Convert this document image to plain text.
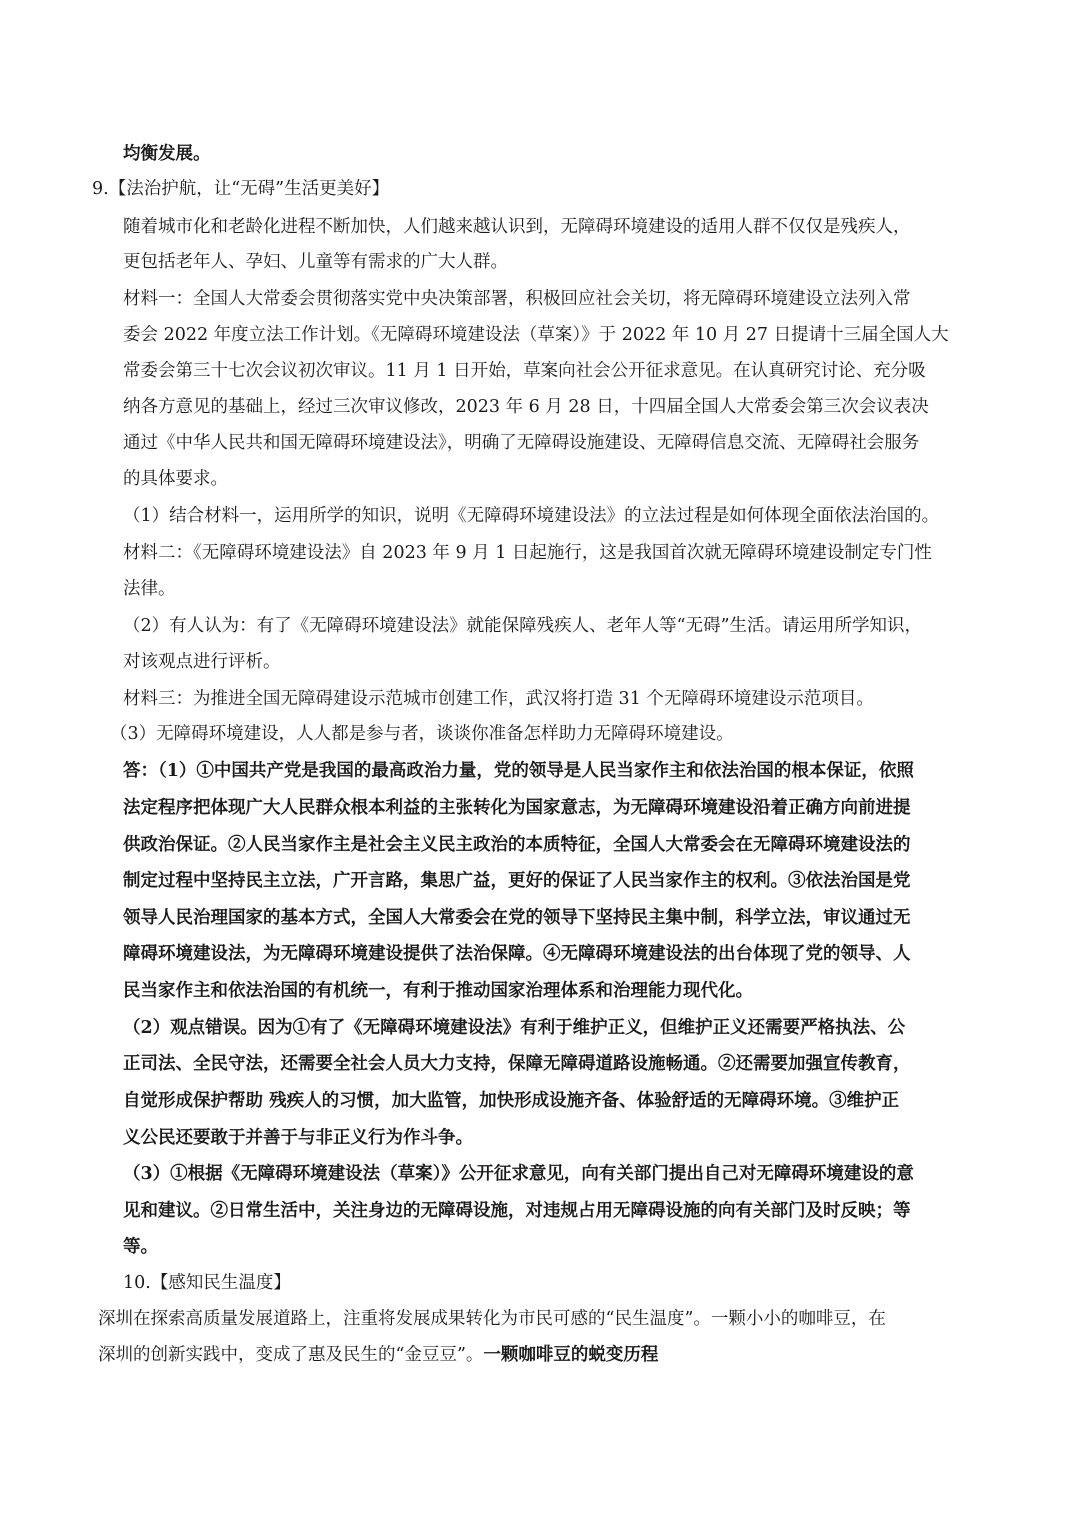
均衡发展。
9.【法治护航，让“无碍”生活更美好】
随着城市化和老龄化进程不断加快，人们越来越认识到，无障碍环境建设的适用人群不仅仅是残疾人，
更包括老年人、孕妇、儿童等有需求的广大人群。
材料一：全国人大常委会贯彻落实党中央决策部署，积极回应社会关切，将无障碍环境建设立法列入常
委会 2022 年度立法工作计划。《无障碍环境建设法（草案）》于 2022 年 10 月 27 日提请十三届全国人大
常委会第三十七次会议初次审议。11 月 1 日开始，草案向社会公开征求意见。在认真研究讨论、充分吸
纳各方意见的基础上，经过三次审议修改，2023 年 6 月 28 日，十四届全国人大常委会第三次会议表决
通过《中华人民共和国无障碍环境建设法》，明确了无障碍设施建设、无障碍信息交流、无障碍社会服务
的具体要求。
（1）结合材料一，运用所学的知识，说明《无障碍环境建设法》的立法过程是如何体现全面依法治国的。
材料二：《无障碍环境建设法》自 2023 年 9 月 1 日起施行，这是我国首次就无障碍环境建设制定专门性
法律。
（2）有人认为：有了《无障碍环境建设法》就能保障残疾人、老年人等“无碍”生活。请运用所学知识，
对该观点进行评析。
材料三：为推进全国无障碍建设示范城市创建工作，武汉将打造 31 个无障碍环境建设示范项目。
（3）无障碍环境建设，人人都是参与者，谈谈你准备怎样助力无障碍环境建设。
答：（1）①中国共产党是我国的最高政治力量，党的领导是人民当家作主和依法治国的根本保证，依照
法定程序把体现广大人民群众根本利益的主张转化为国家意志，为无障碍环境建设沿着正确方向前进提
供政治保证。②人民当家作主是社会主义民主政治的本质特征，全国人大常委会在无障碍环境建设法的
制定过程中坚持民主立法，广开言路，集思广益，更好的保证了人民当家作主的权利。③依法治国是党
领导人民治理国家的基本方式，全国人大常委会在党的领导下坚持民主集中制，科学立法，审议通过无
障碍环境建设法，为无障碍环境建设提供了法治保障。④无障碍环境建设法的出台体现了党的领导、人
民当家作主和依法治国的有机统一，有利于推动国家治理体系和治理能力现代化。
（2）观点错误。因为①有了《无障碍环境建设法》有利于维护正义，但维护正义还需要严格执法、公
正司法、全民守法，还需要全社会人员大力支持，保障无障碍道路设施畅通。②还需要加强宣传教育，
自觉形成保护帮助 残疾人的习惯，加大监管，加快形成设施齐备、体验舒适的无障碍环境。③维护正
义公民还要敢于并善于与非正义行为作斗争。
（3）①根据《无障碍环境建设法（草案）》公开征求意见，向有关部门提出自己对无障碍环境建设的意
见和建议。②日常生活中，关注身边的无障碍设施，对违规占用无障碍设施的向有关部门及时反映；等
等。
10.【感知民生温度】
深圳在探索高质量发展道路上，注重将发展成果转化为市民可感的“民生温度”。一颗小小的咖啡豆，在
深圳的创新实践中，变成了惠及民生的“金豆豆”。一颗咖啡豆的蜕变历程
